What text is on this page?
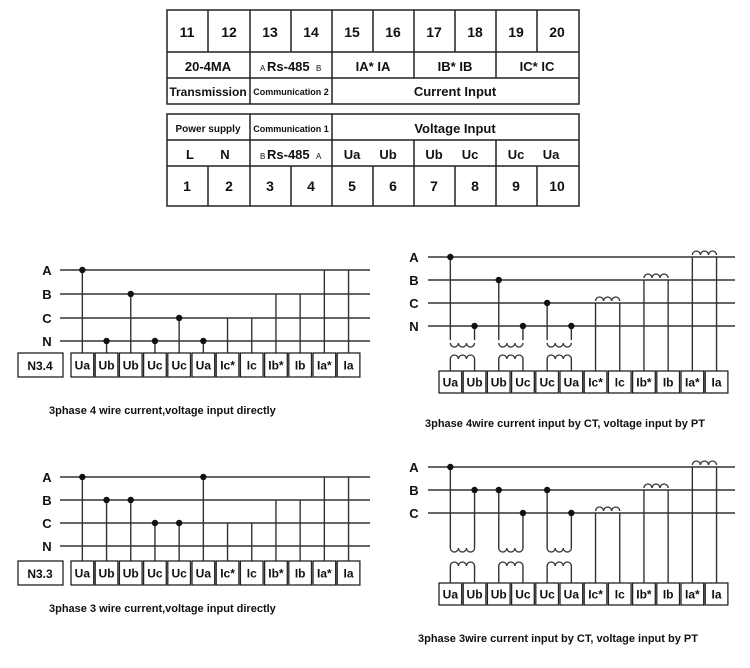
11 12 13 14 15 16 17 18 19 20
20-4MA	A Rs-485 B	IA* IA	IB* IB	IC* IC
Transmission Communication 2	Current Input
Power supply Communication 1	Voltage Input
L N	B Rs-485 A Ua Ub Ub Uc Uc Ua
1 2 3 4 5 6 7 8 9 10
A
B
C
N
N3.4 Ua Ub Ub Uc Uc Ua Ic* Ic Ib* Ib Ia* Ia
A
B
C
N
N3.3 Ua Ub Ub Uc Uc Ua Ic* Ic Ib* Ib Ia* Ia
A
B
C
N
Ua Ub Ub Uc Uc Ua Ic* Ic Ib* Ib Ia* Ia
A
B
C
Ua Ub Ub Uc Uc Ua Ic* Ic Ib* Ib Ia* Ia
3phase 4 wire current,voltage input directly
3phase 4wire current input by CT, voltage input by PT
3phase 3 wire current,voltage input directly
3phase 3wire current input by CT, voltage input by PT
